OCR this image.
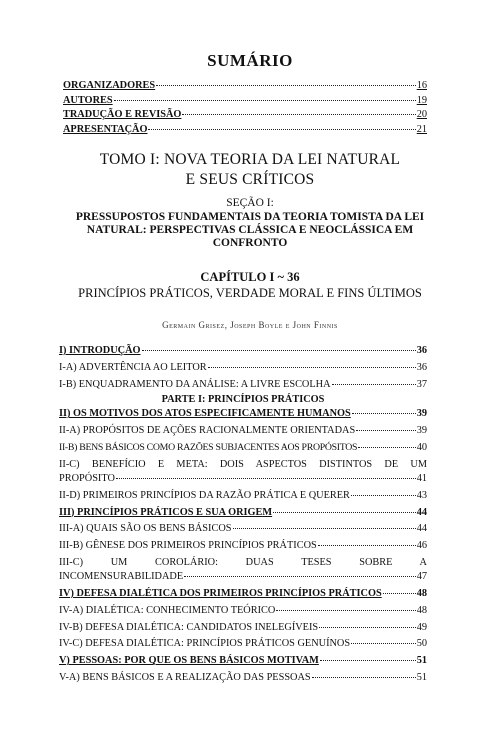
SUMÁRIO
ORGANIZADORES	16
AUTORES	19
TRADUÇÃO E REVISÃO	20
APRESENTAÇÃO	21
TOMO I: NOVA TEORIA DA LEI NATURAL
E SEUS CRÍTICOS
SEÇÃO I:
PRESSUPOSTOS FUNDAMENTAIS DA TEORIA TOMISTA DA LEI NATURAL: PERSPECTIVAS CLÁSSICA E NEOCLÁSSICA EM CONFRONTO
CAPÍTULO I ~ 36
PRINCÍPIOS PRÁTICOS, VERDADE MORAL E FINS ÚLTIMOS
Germain Grisez, Joseph Boyle e John Finnis
I) INTRODUÇÃO	36
I-A) ADVERTÊNCIA AO LEITOR	36
I-B) ENQUADRAMENTO DA ANÁLISE: A LIVRE ESCOLHA	37
PARTE I: PRINCÍPIOS PRÁTICOS
II) OS MOTIVOS DOS ATOS ESPECIFICAMENTE HUMANOS	39
II-A) PROPÓSITOS DE AÇÕES RACIONALMENTE ORIENTADAS	39
II-B) BENS BÁSICOS COMO RAZÕES SUBJACENTES AOS PROPÓSITOS	40
II-C) BENEFÍCIO E META: DOIS ASPECTOS DISTINTOS DE UM
PROPÓSITO	41
II-D) PRIMEIROS PRINCÍPIOS DA RAZÃO PRÁTICA E QUERER	43
III) PRINCÍPIOS PRÁTICOS E SUA ORIGEM	44
III-A) QUAIS SÃO OS BENS BÁSICOS	44
III-B) GÊNESE DOS PRIMEIROS PRINCÍPIOS PRÁTICOS	46
III-C) UM COROLÁRIO: DUAS TESES SOBRE A
INCOMENSURABILIDADE	47
IV) DEFESA DIALÉTICA DOS PRIMEIROS PRINCÍPIOS PRÁTICOS	48
IV-A) DIALÉTICA: CONHECIMENTO TEÓRICO	48
IV-B) DEFESA DIALÉTICA: CANDIDATOS INELEGÍVEIS	49
IV-C) DEFESA DIALÉTICA: PRINCÍPIOS PRÁTICOS GENUÍNOS	50
V) PESSOAS: POR QUE OS BENS BÁSICOS MOTIVAM	51
V-A) BENS BÁSICOS E A REALIZAÇÃO DAS PESSOAS	51
